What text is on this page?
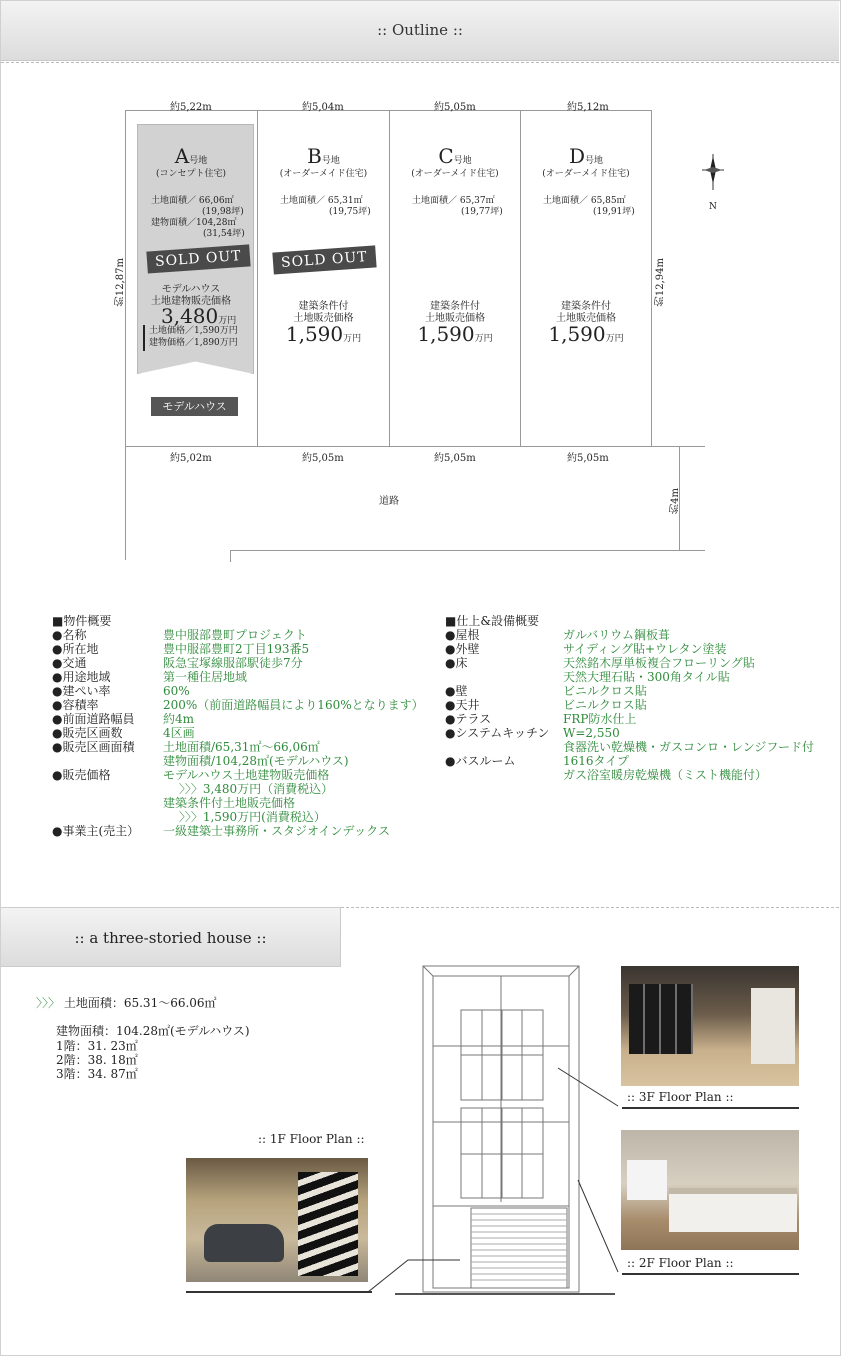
:: Outline ::
A号地
(コンセプト住宅)
土地面積／ 66,06㎡
(19,98坪)
建物面積／104,28㎡
(31,54坪)
SOLD OUT
モデルハウス
土地建物販売価格
3,480万円
土地価格／1,590万円
建物価格／1,890万円
モデルハウス
B号地
(オーダーメイド住宅)
土地面積／ 65,31㎡
(19,75坪)
SOLD OUT
建築条件付
土地販売価格
1,590万円
C号地
(オーダーメイド住宅)
土地面積／ 65,37㎡
(19,77坪)
建築条件付
土地販売価格
1,590万円
D号地
(オーダーメイド住宅)
土地面積／ 65,85㎡
(19,91坪)
建築条件付
土地販売価格
1,590万円
約5,22m	約5,04m	約5,05m	約5,12m
約5,02m	約5,05m	約5,05m	約5,05m
約12,87m	約12,94m
約4m
道路
N
■物件概要
●名称	豊中服部豊町プロジェクト
●所在地	豊中服部豊町2丁目193番5
●交通	阪急宝塚線服部駅徒歩7分
●用途地域	第一種住居地域
●建ぺい率	60%
●容積率	200%（前面道路幅員により160%となります）
●前面道路幅員 約4m
●販売区画数	4区画
●販売区画面積 土地面積/65,31㎡～66,06㎡
建物面積/104,28㎡(モデルハウス)
●販売価格	モデルハウス土地建物販売価格
　 〉〉〉3,480万円（消費税込）
建築条件付土地販売価格
　 〉〉〉1,590万円(消費税込）
●事業主(売主） 一級建築士事務所・スタジオインデックス
■仕上&設備概要
●屋根	ガルバリウム鋼板葺
●外壁	サイディング貼+ウレタン塗装
●床	天然銘木厚単板複合フローリング貼
天然大理石貼・300角タイル貼
●壁	ビニルクロス貼
●天井	ビニルクロス貼
●テラス	FRP防水仕上
●システムキッチン W=2,550
食器洗い乾燥機・ガスコンロ・レンジフード付
●バスルーム	1616タイプ
ガス浴室暖房乾燥機（ミスト機能付）
:: a three-storied house ::
〉〉〉 土地面積：65.31～66.06㎡
建物面積：104.28㎡(モデルハウス)
1階：31. 23㎡
2階：38. 18㎡
3階：34. 87㎡
:: 3F Floor Plan ::
:: 2F Floor Plan ::
:: 1F Floor Plan ::
